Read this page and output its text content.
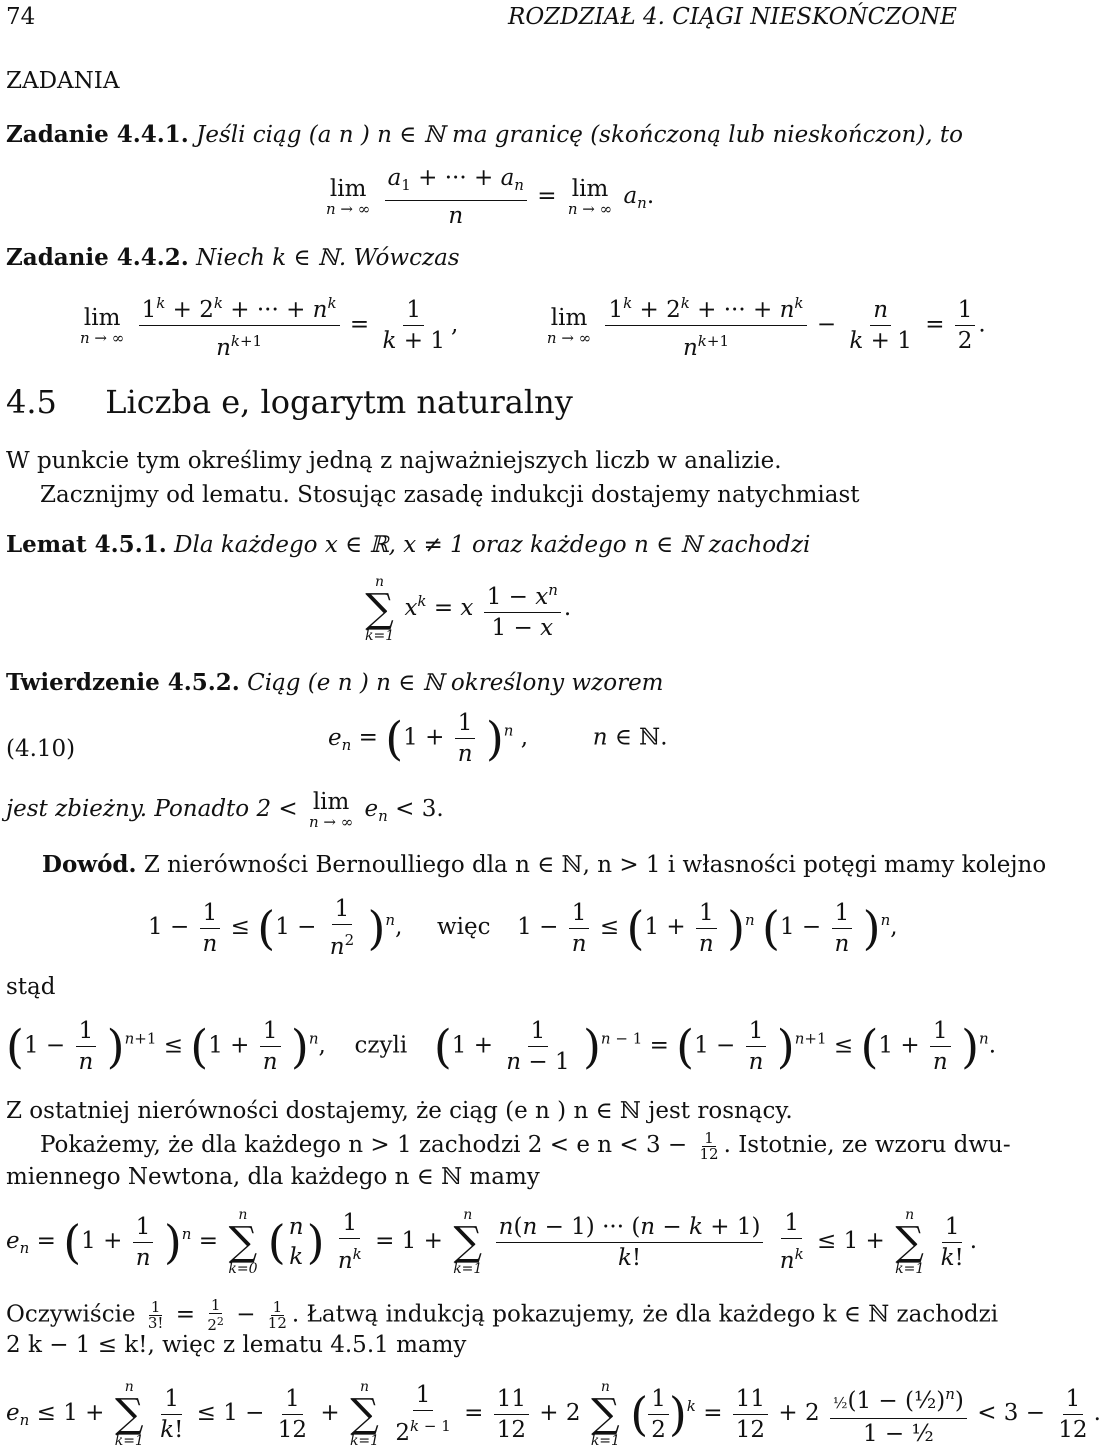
74	ROZDZIAŁ 4. CIĄGI NIESKOŃCZONE
ZADANIA
Zadanie 4.4.1. Jeśli ciąg (a n ) n ∈ ℕ ma granicę (skończoną lub nieskończon), to
lim
n → ∞
$\frac{a_1 + \cdot\cdot\cdot + a_n}{n} = \lim$
n → ∞ $a_n$.
Zadanie 4.4.2. Niech k ∈ ℕ. Wówczas
lim
n → ∞
$\frac{1^k + 2^k + \cdot\cdot\cdot + n^k}{n^{k+1}} = \frac{1}{k + 1}$ ,	lim
n → ∞
$\frac{1^k + 2^k + \cdot\cdot\cdot + n^k}{n^{k+1}} - \frac{n}{k + 1} = \frac{1}{2}$ .
4.5 Liczba e, logarytm naturalny
W punkcie tym określimy jedną z najważniejszych liczb w analizie.
Zacznijmy od lematu. Stosując zasadę indukcji dostajemy natychmiast
Lemat 4.5.1. Dla każdego x ∈ ℝ, x ≠ 1 oraz każdego n ∈ ℕ zachodzi
n
∑
k=1
$x^k = x \frac{1 - x^n}{1 - x}$ .
Twierdzenie 4.5.2. Ciąg (e n ) n ∈ ℕ określony wzorem
(4.10)	$e_n = (1 + \frac{1}{n} )^n$ ,	n ∈ ℕ.
jest zbieżny. Ponadto 2 < lim
n → ∞ $e_n < 3$.
Dowód. Z nierówności Bernoulliego dla n ∈ ℕ, n > 1 i własności potęgi mamy kolejno
$1 - \frac{1}{n} \le (1 - \frac{1}{n^2} )^n$, więc $1 - \frac{1}{n} \le (1 + \frac{1}{n} )^n$ $(1 - \frac{1}{n} )^n$,
stąd
$(1 - \frac{1}{n} )^{n+1} \le (1 + \frac{1}{n} )^n$, czyli $(1 + \frac{1}{n - 1} )^{n - 1} = (1 - \frac{1}{n} )^{n+1} \le (1 + \frac{1}{n} )^n$.
Z ostatniej nierówności dostajemy, że ciąg (e n ) n ∈ ℕ jest rosnący.
Pokażemy, że dla każdego n > 1 zachodzi 2 < e $n < 3 - \frac{1}{12}$ . Istotnie, ze wzoru dwu-
miennego Newtona, dla każdego n ∈ ℕ mamy
$e_n = (1 + \frac{1}{n} )^n$ =
n
∑
k=0 ( n
k ) $\frac{1}{n^k} = 1$ +
n
∑
k=1
$\frac{n(n - 1) \cdot\cdot\cdot (n - k + 1)}{k!}$
$\frac{1}{n^k} \le 1$ +
n
∑
k=1
$\frac{1}{k!}$ .
Oczywiście $\frac{1}{3!} = \frac{1}{2^2} - \frac{1}{12}$ . Łatwą indukcją pokazujemy, że dla każdego k ∈ ℕ zachodzi
2 k − 1 ≤ k!, więc z lematu 4.5.1 mamy
$e_n \le 1$ +
n
∑
k=1
$\frac{1}{k!} \le 1 - \frac{1}{12}$ +
n
∑
k=1
$\frac{1}{2^{k - 1}} = \frac{11}{12} + 2$
n
∑
k=1 ( $\frac{1}{2} )^k = \frac{11}{12} + 2 \frac{\frac{1}{2}(1 - (\frac{1}{2})^n)}{\text{1 − ½}} < 3 - \frac{1}{12}$ .
